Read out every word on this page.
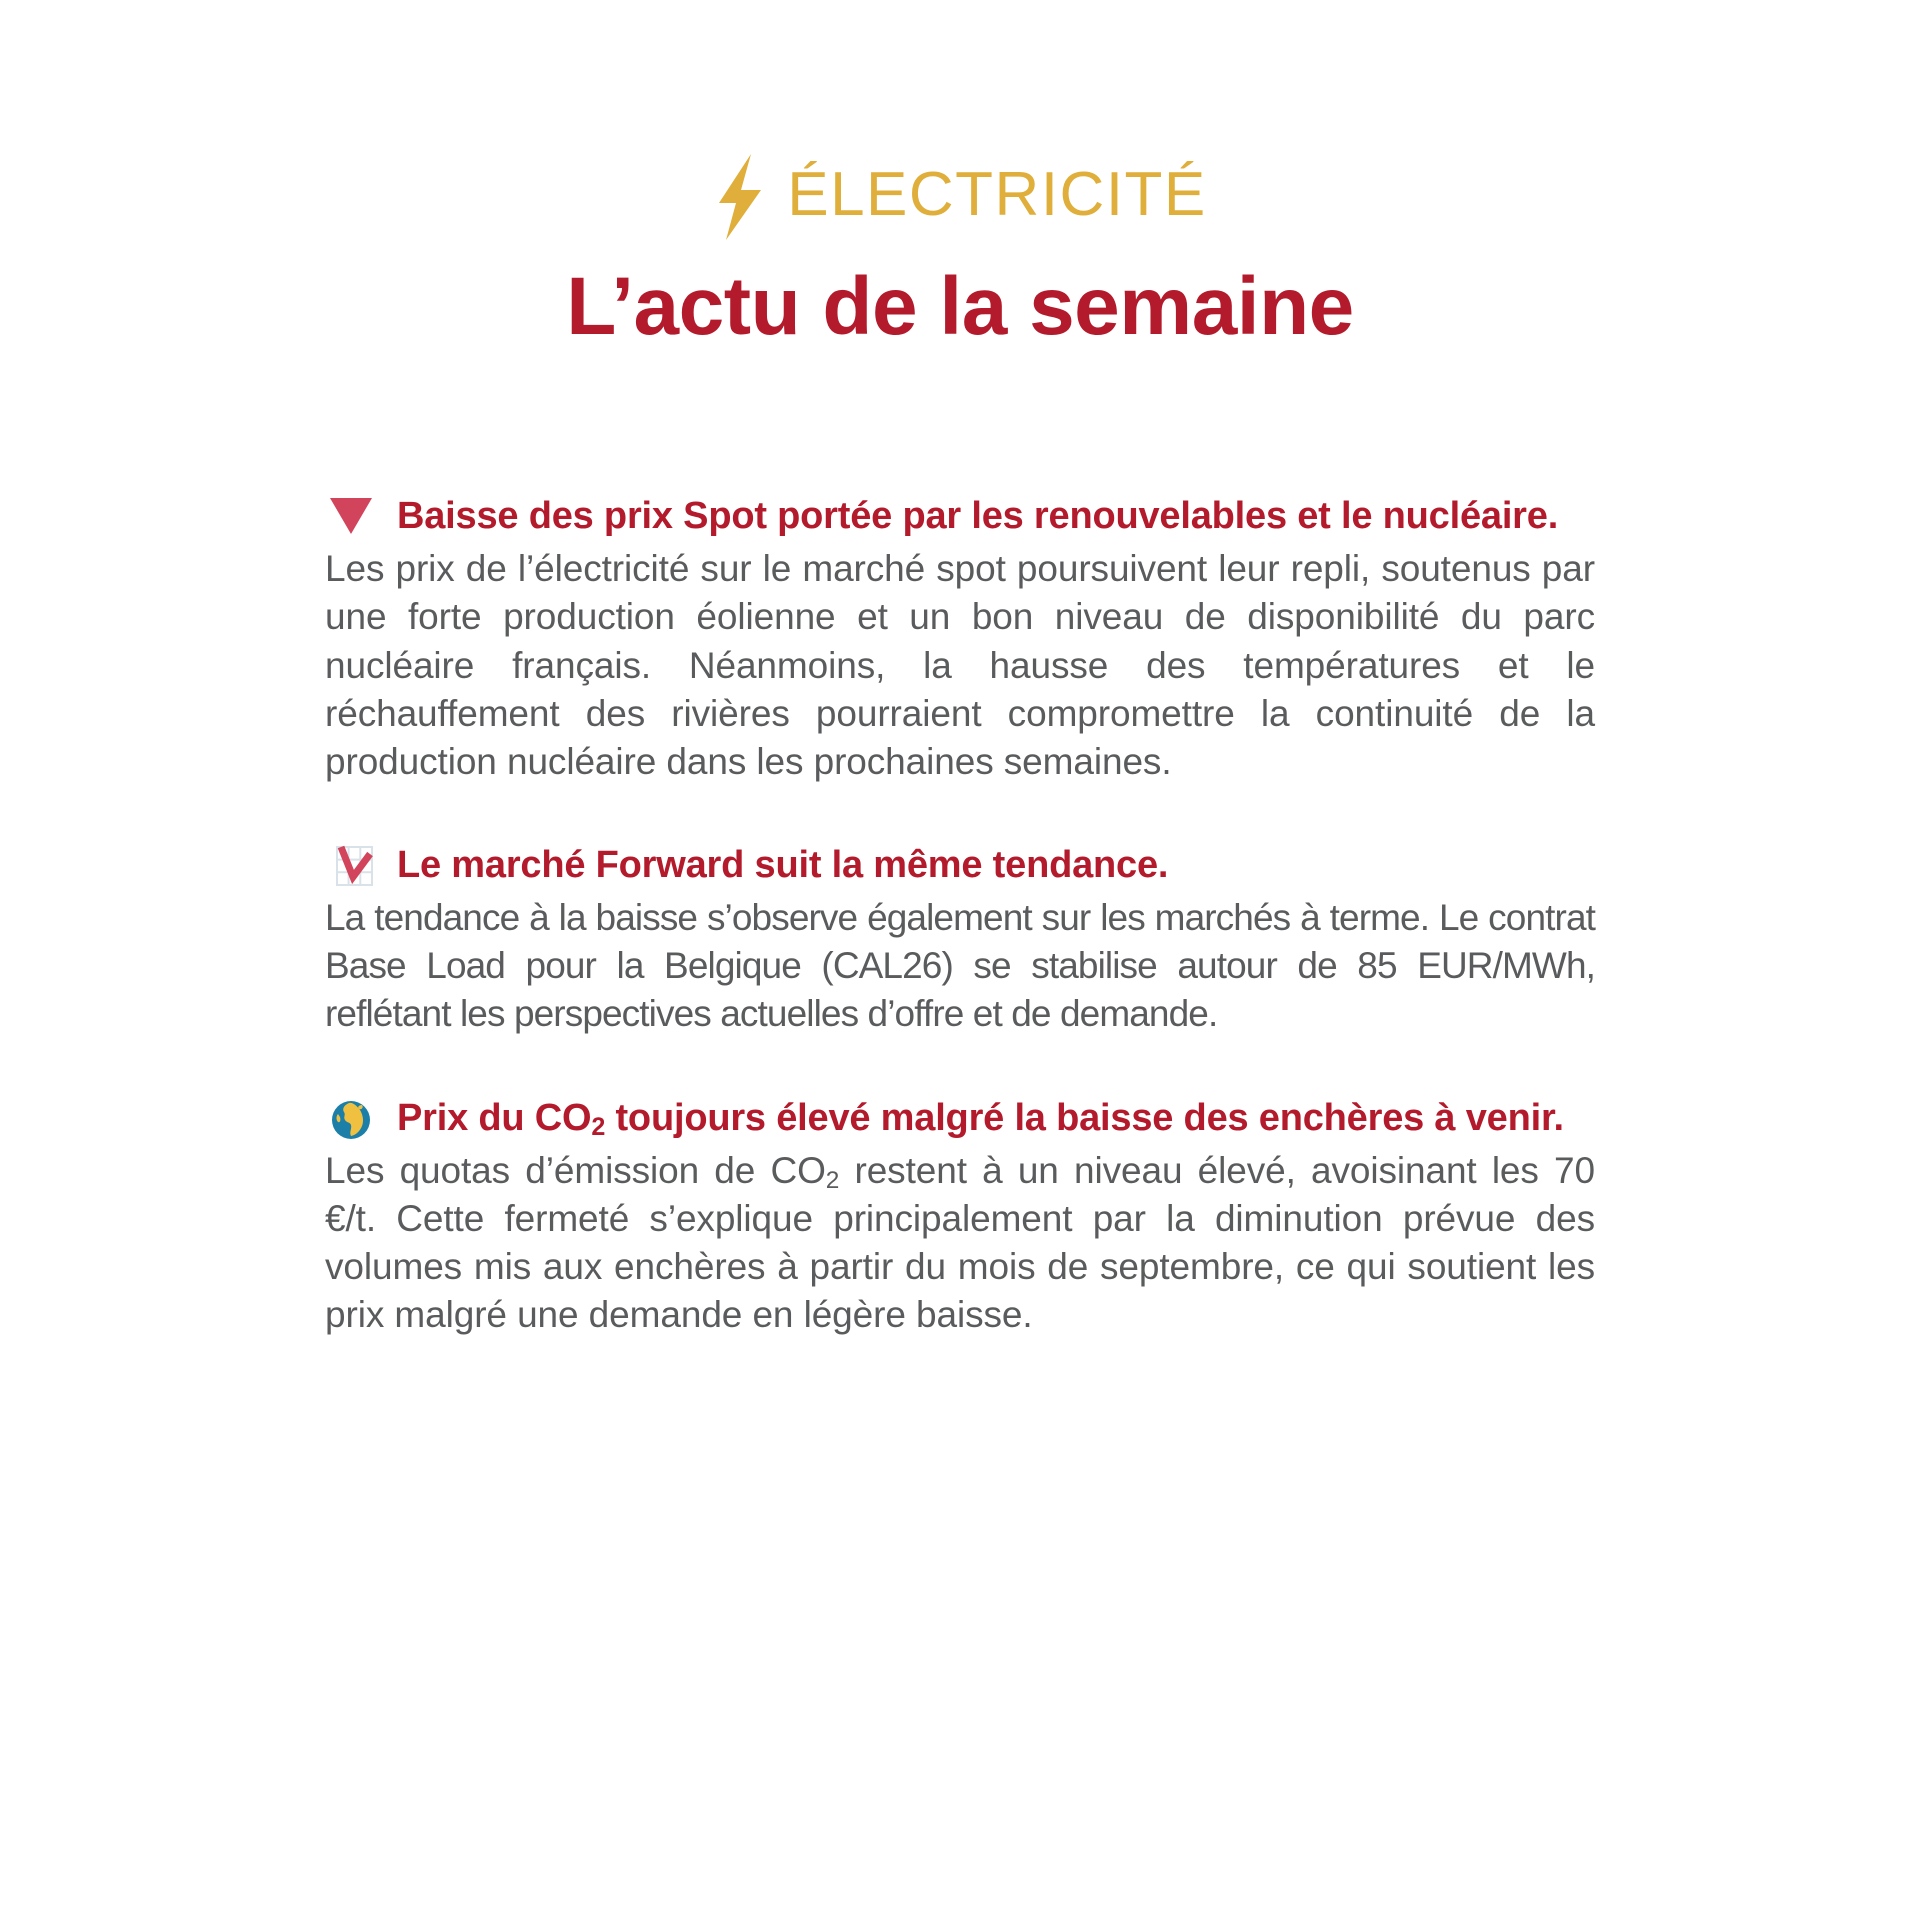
ÉLECTRICITÉ
L’actu de la semaine
Baisse des prix Spot portée par les renouvelables et le nucléaire.

Les prix de l’électricité sur le marché spot poursuivent leur repli, soutenus par une forte production éolienne et un bon niveau de disponibilité du parc nucléaire français. Néanmoins, la hausse des températures et le réchauffement des rivières pourraient compromettre la continuité de la production nucléaire dans les prochaines semaines.

Le marché Forward suit la même tendance.

La tendance à la baisse s’observe également sur les marchés à terme. Le contrat Base Load pour la Belgique (CAL26) se stabilise autour de 85 EUR/MWh, reflétant les perspectives actuelles d’offre et de demande.

Prix du $CO_2$ toujours élevé malgré la baisse des enchères à venir.

Les quotas d’émission de $CO_2$ restent à un niveau élevé, avoisinant les 70 €/t. Cette fermeté s’explique principalement par la diminution prévue des volumes mis aux enchères à partir du mois de septembre, ce qui soutient les prix malgré une demande en légère baisse.
